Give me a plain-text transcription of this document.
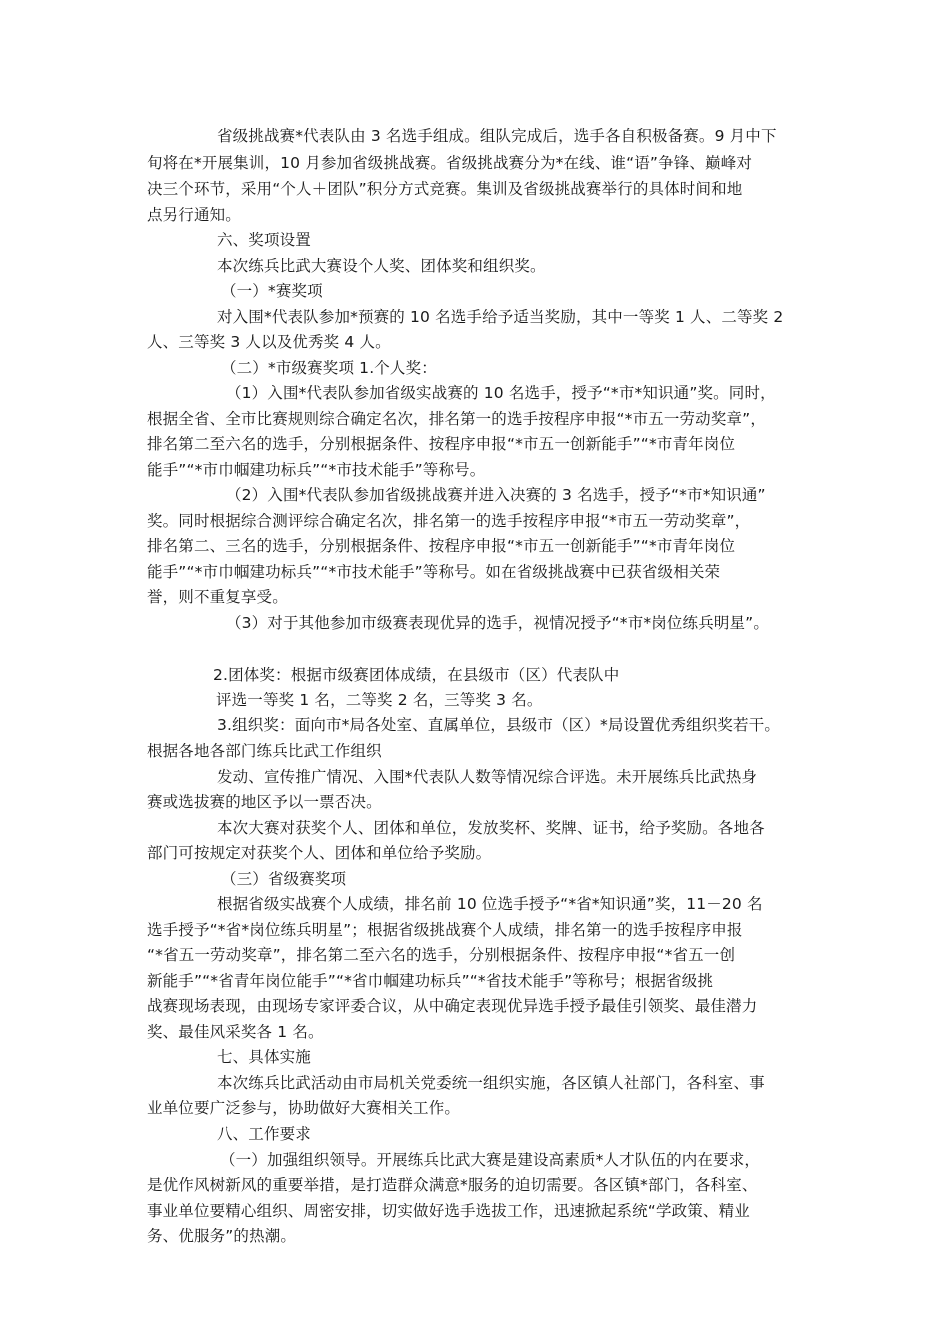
省级挑战赛*代表队由 3 名选手组成。组队完成后，选手各自积极备赛。9 月中下
旬将在*开展集训，10 月参加省级挑战赛。省级挑战赛分为*在线、谁“语”争锋、巅峰对
决三个环节，采用“个人＋团队”积分方式竞赛。集训及省级挑战赛举行的具体时间和地
点另行通知。
六、奖项设置
本次练兵比武大赛设个人奖、团体奖和组织奖。
（一）*赛奖项
对入围*代表队参加*预赛的 10 名选手给予适当奖励，其中一等奖 1 人、二等奖 2
人、三等奖 3 人以及优秀奖 4 人。
（二）*市级赛奖项 1.个人奖：
（1）入围*代表队参加省级实战赛的 10 名选手，授予“*市*知识通”奖。同时，
根据全省、全市比赛规则综合确定名次，排名第一的选手按程序申报“*市五一劳动奖章”，
排名第二至六名的选手，分别根据条件、按程序申报“*市五一创新能手”“*市青年岗位
能手”“*市巾帼建功标兵”“*市技术能手”等称号。
（2）入围*代表队参加省级挑战赛并进入决赛的 3 名选手，授予“*市*知识通”
奖。同时根据综合测评综合确定名次，排名第一的选手按程序申报“*市五一劳动奖章”，
排名第二、三名的选手，分别根据条件、按程序申报“*市五一创新能手”“*市青年岗位
能手”“*市巾帼建功标兵”“*市技术能手”等称号。如在省级挑战赛中已获省级相关荣
誉，则不重复享受。
（3）对于其他参加市级赛表现优异的选手，视情况授予“*市*岗位练兵明星”。
2.团体奖：根据市级赛团体成绩，在县级市（区）代表队中
评选一等奖 1 名，二等奖 2 名，三等奖 3 名。
3.组织奖：面向市*局各处室、直属单位，县级市（区）*局设置优秀组织奖若干。
根据各地各部门练兵比武工作组织
发动、宣传推广情况、入围*代表队人数等情况综合评选。未开展练兵比武热身
赛或选拔赛的地区予以一票否决。
本次大赛对获奖个人、团体和单位，发放奖杯、奖牌、证书，给予奖励。各地各
部门可按规定对获奖个人、团体和单位给予奖励。
（三）省级赛奖项
根据省级实战赛个人成绩，排名前 10 位选手授予“*省*知识通”奖，11－20 名
选手授予“*省*岗位练兵明星”；根据省级挑战赛个人成绩，排名第一的选手按程序申报
“*省五一劳动奖章”，排名第二至六名的选手，分别根据条件、按程序申报“*省五一创
新能手”“*省青年岗位能手”“*省巾帼建功标兵”“*省技术能手”等称号；根据省级挑
战赛现场表现，由现场专家评委合议，从中确定表现优异选手授予最佳引领奖、最佳潜力
奖、最佳风采奖各 1 名。
七、具体实施
本次练兵比武活动由市局机关党委统一组织实施，各区镇人社部门，各科室、事
业单位要广泛参与，协助做好大赛相关工作。
八、工作要求
（一）加强组织领导。开展练兵比武大赛是建设高素质*人才队伍的内在要求，
是优作风树新风的重要举措，是打造群众满意*服务的迫切需要。各区镇*部门，各科室、
事业单位要精心组织、周密安排，切实做好选手选拔工作，迅速掀起系统“学政策、精业
务、优服务”的热潮。
